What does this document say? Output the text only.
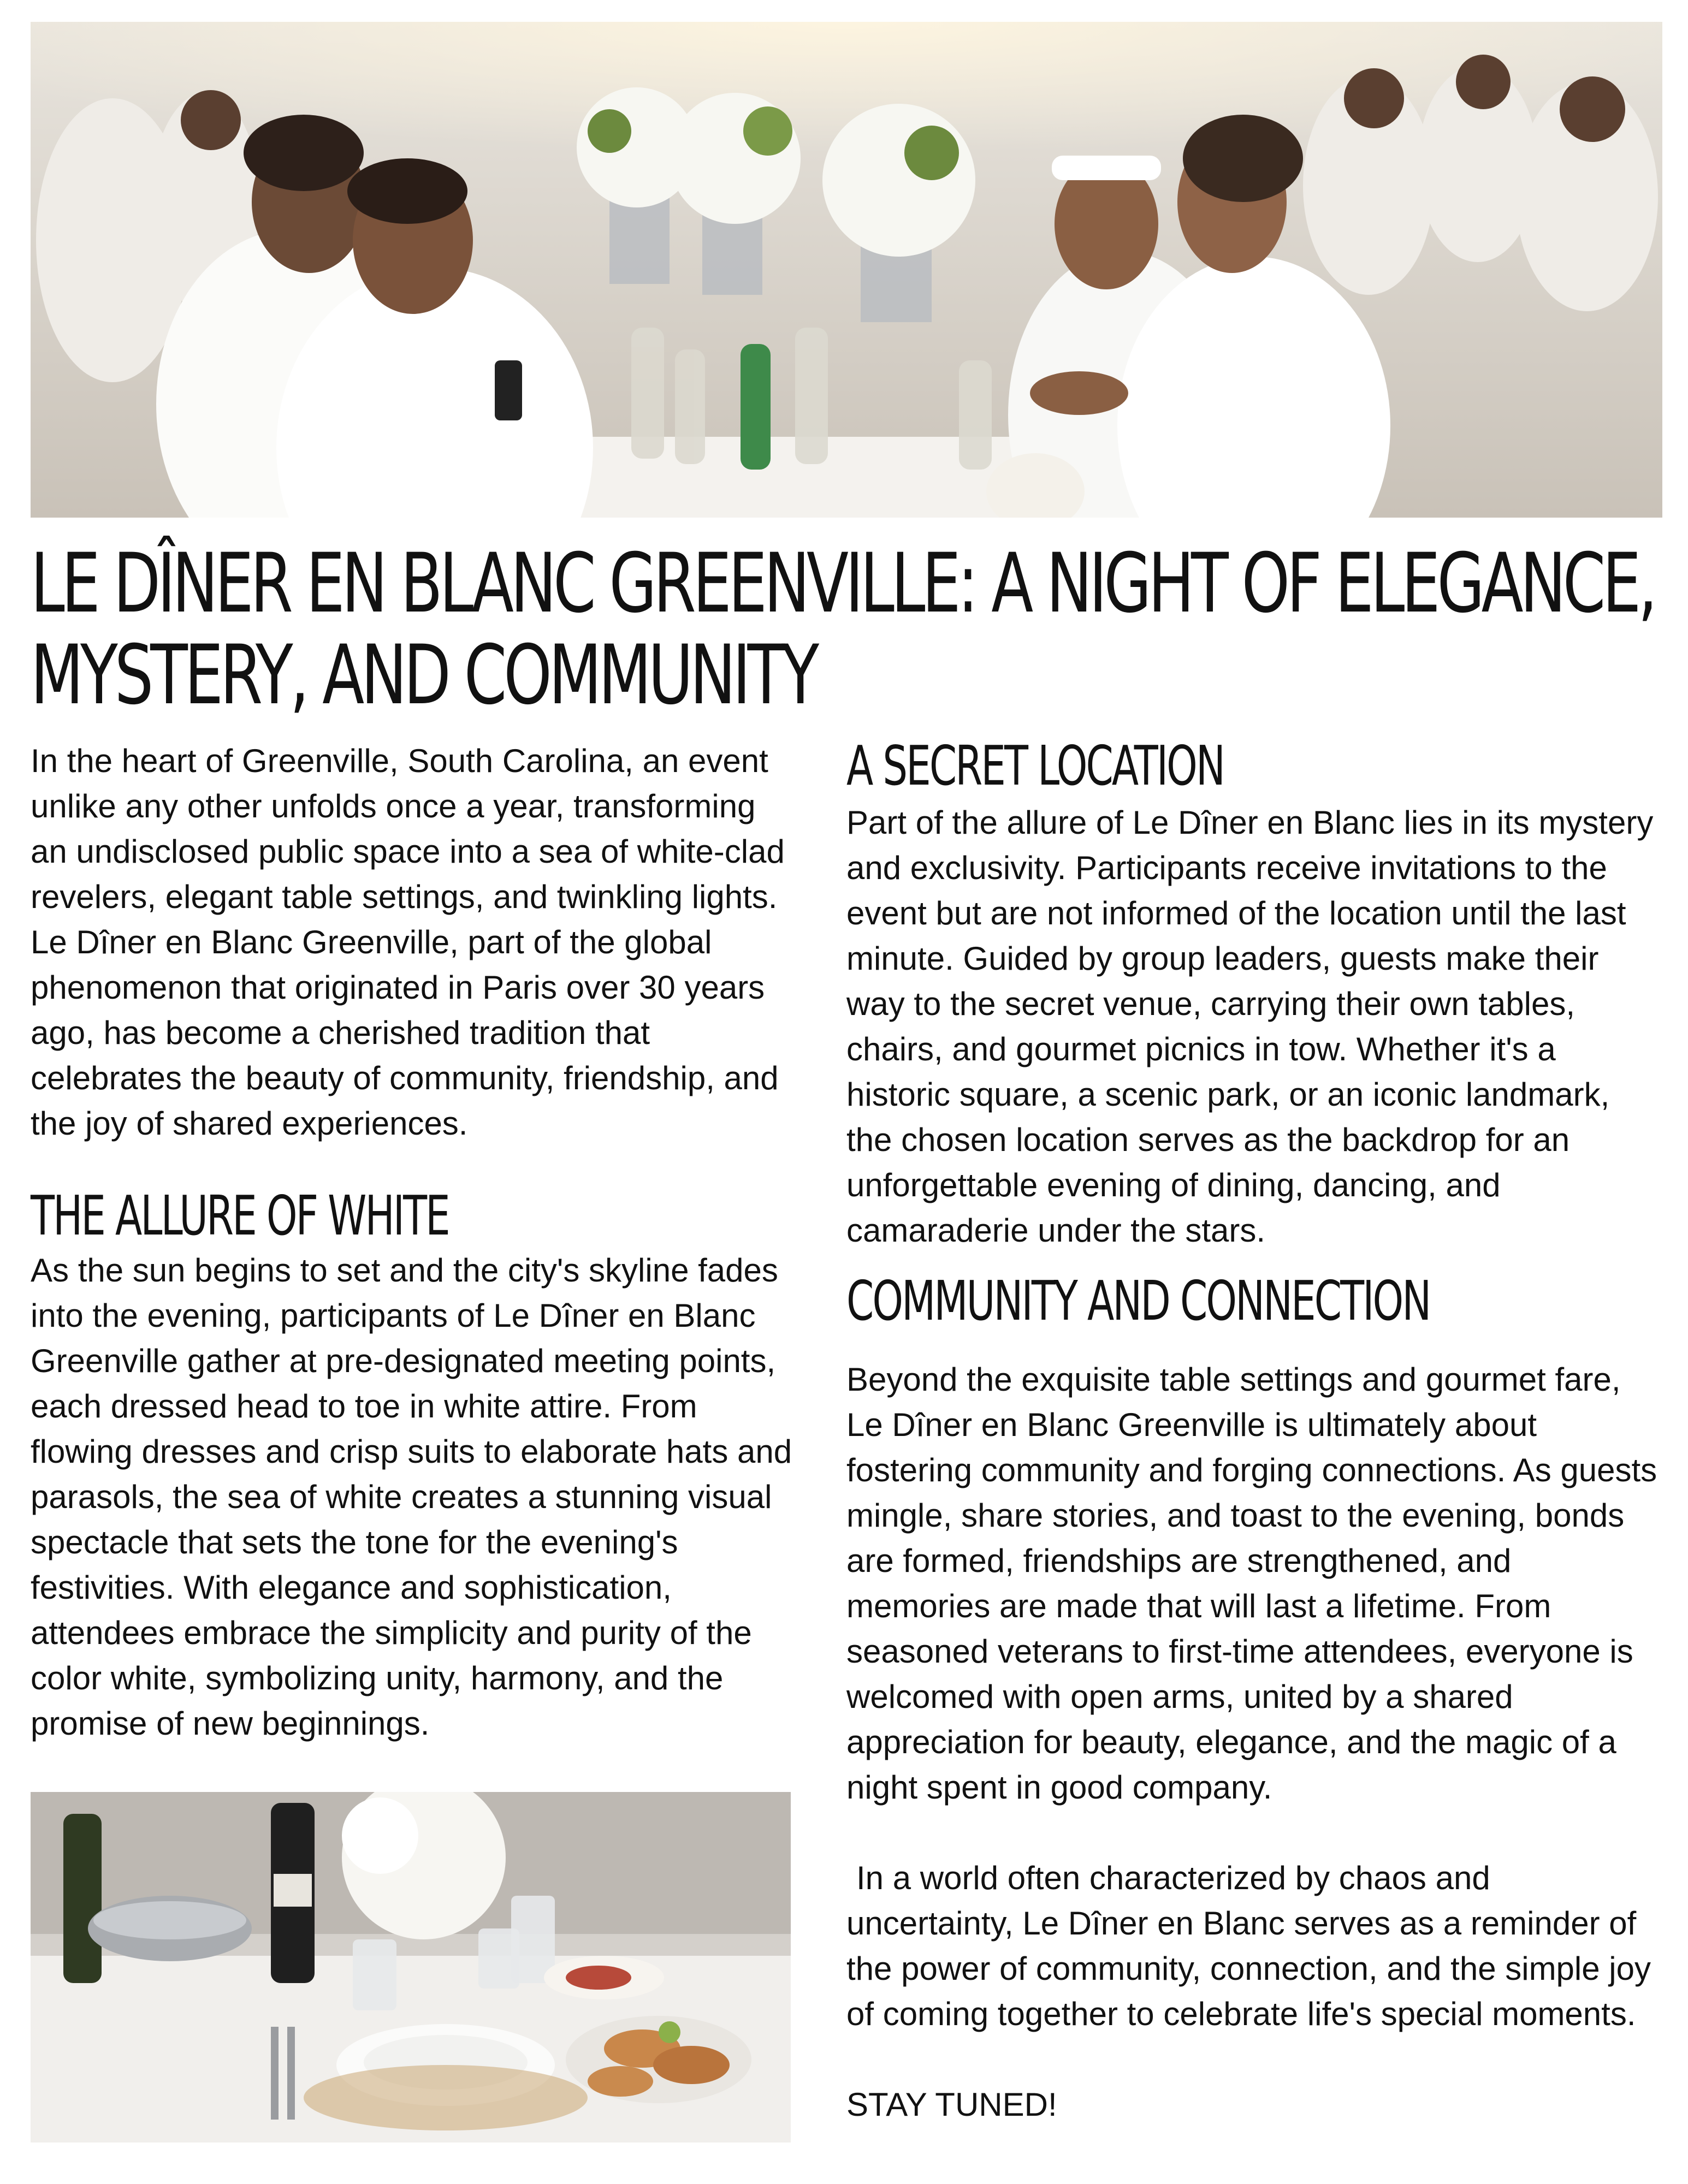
LE DÎNER EN BLANC GREENVILLE: A NIGHT OF ELEGANCE, MYSTERY, AND COMMUNITY

In the heart of Greenville, South Carolina, an event unlike any other unfolds once a year, transforming an undisclosed public space into a sea of white-clad revelers, elegant table settings, and twinkling lights. Le Dîner en Blanc Greenville, part of the global phenomenon that originated in Paris over 30 years ago, has become a cherished tradition that celebrates the beauty of community, friendship, and the joy of shared experiences.

THE ALLURE OF WHITE

As the sun begins to set and the city's skyline fades into the evening, participants of Le Dîner en Blanc Greenville gather at pre-designated meeting points, each dressed head to toe in white attire. From flowing dresses and crisp suits to elaborate hats and parasols, the sea of white creates a stunning visual spectacle that sets the tone for the evening's festivities. With elegance and sophistication, attendees embrace the simplicity and purity of the color white, symbolizing unity, harmony, and the promise of new beginnings.

A SECRET LOCATION

Part of the allure of Le Dîner en Blanc lies in its mystery and exclusivity. Participants receive invitations to the event but are not informed of the location until the last minute. Guided by group leaders, guests make their way to the secret venue, carrying their own tables, chairs, and gourmet picnics in tow. Whether it's a historic square, a scenic park, or an iconic landmark, the chosen location serves as the backdrop for an unforgettable evening of dining, dancing, and camaraderie under the stars.

COMMUNITY AND CONNECTION

Beyond the exquisite table settings and gourmet fare, Le Dîner en Blanc Greenville is ultimately about fostering community and forging connections. As guests mingle, share stories, and toast to the evening, bonds are formed, friendships are strengthened, and memories are made that will last a lifetime. From seasoned veterans to first-time attendees, everyone is welcomed with open arms, united by a shared appreciation for beauty, elegance, and the magic of a night spent in good company.

In a world often characterized by chaos and uncertainty, Le Dîner en Blanc serves as a reminder of the power of community, connection, and the simple joy of coming together to celebrate life's special moments.

STAY TUNED!
